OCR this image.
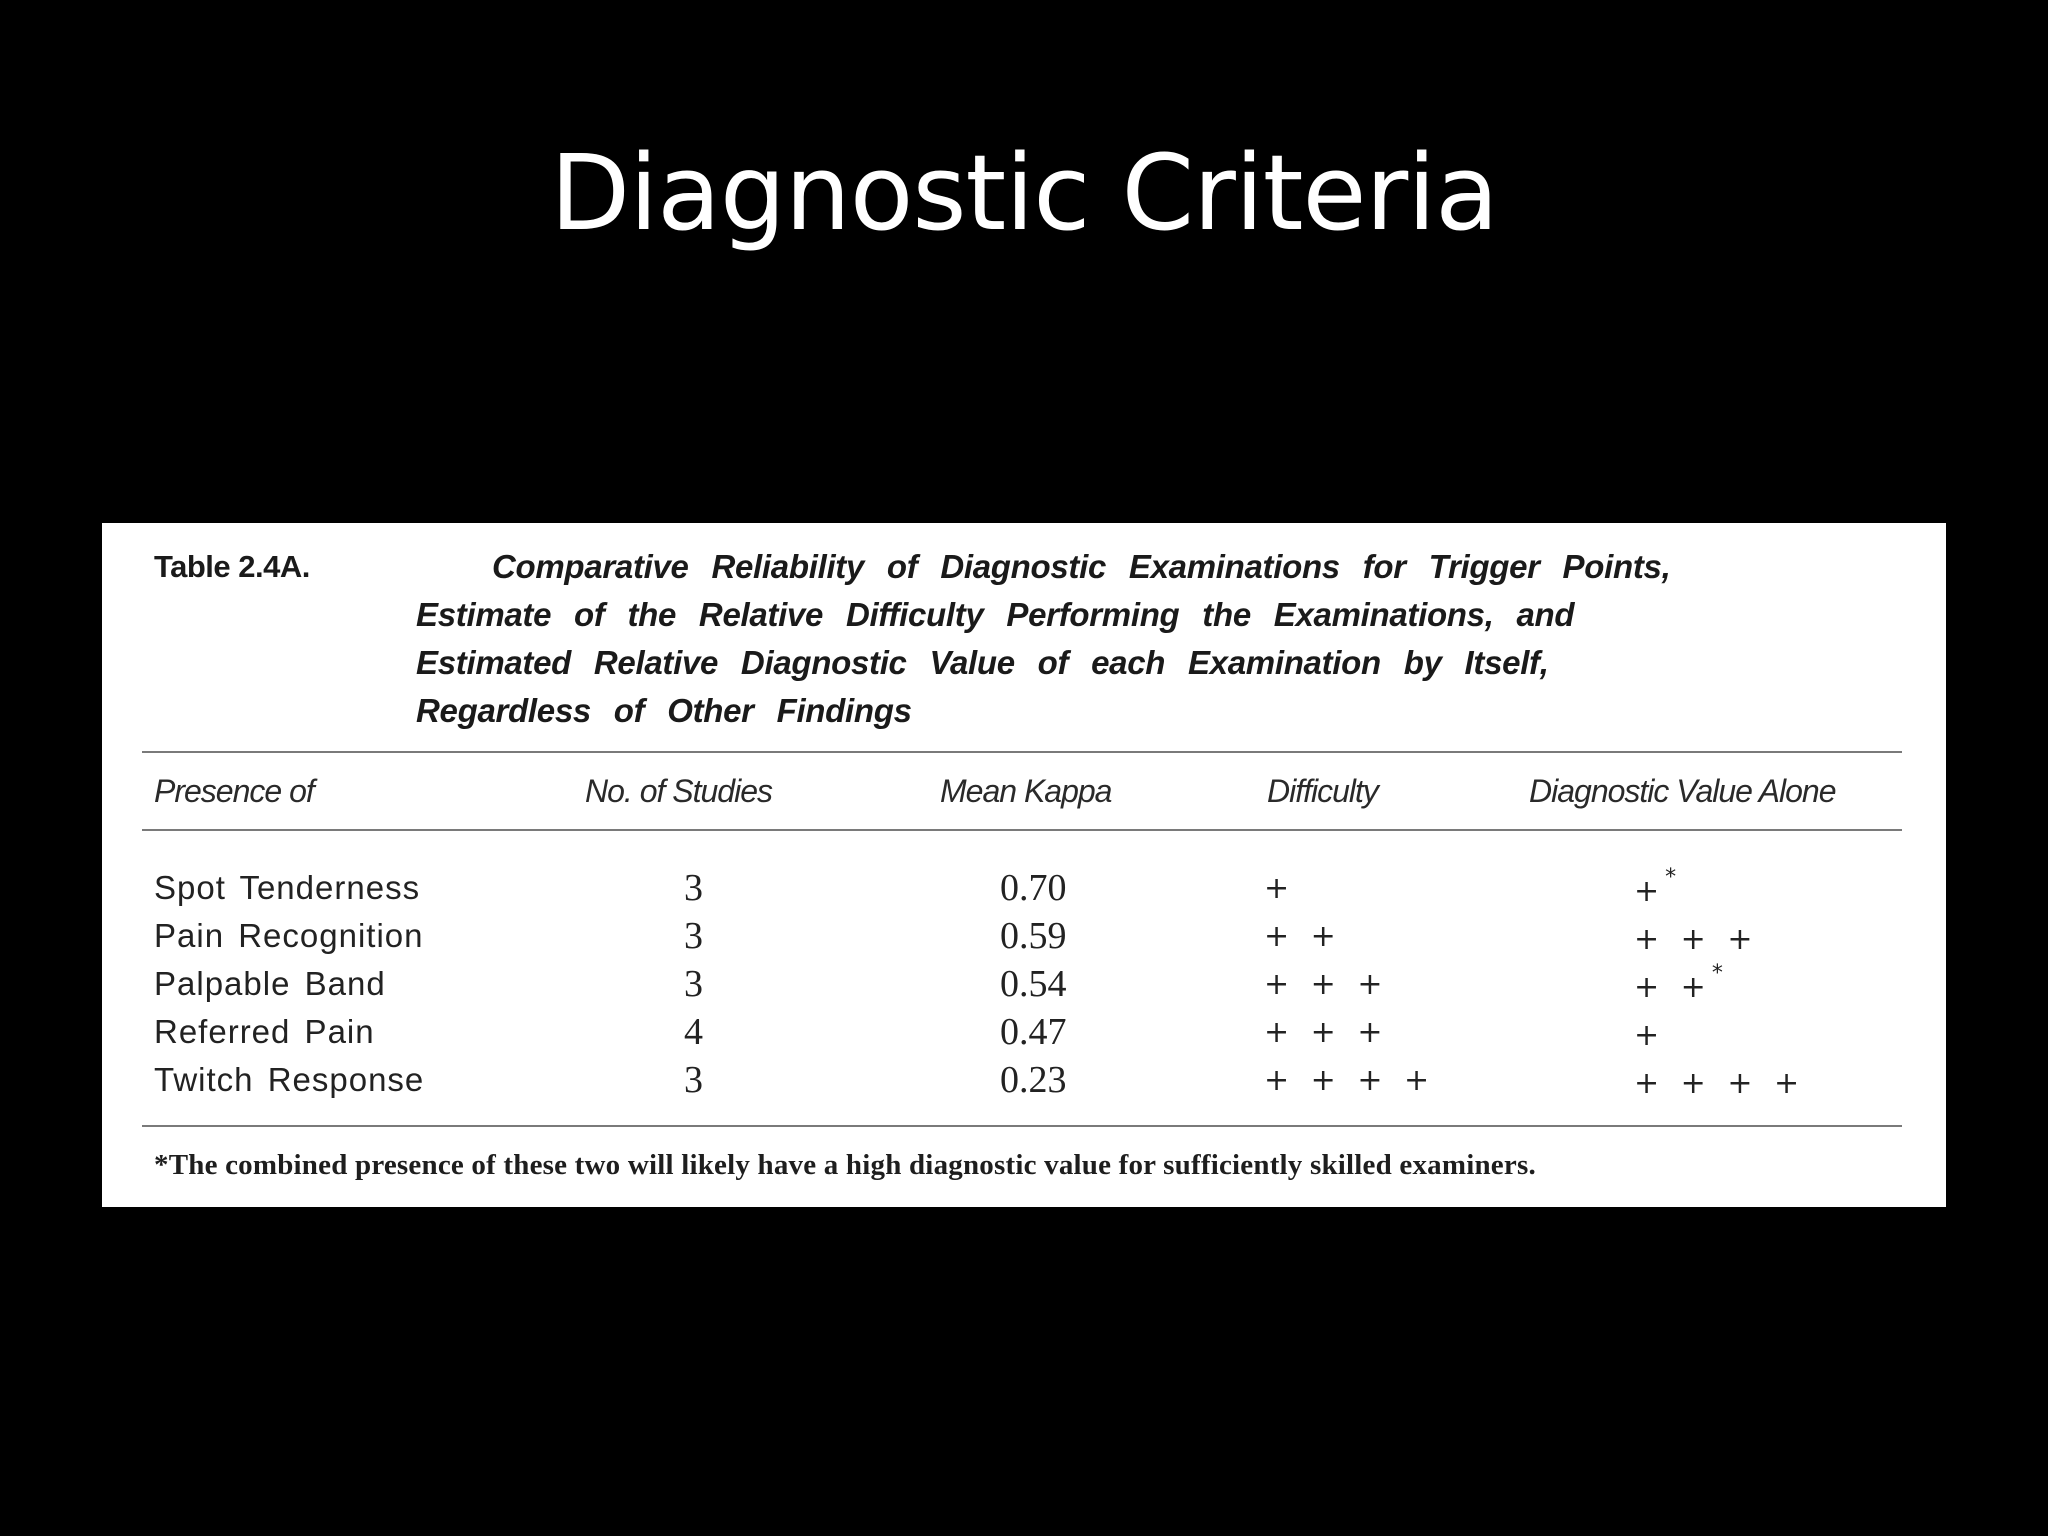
Diagnostic Criteria
Table 2.4A.	Comparative Reliability of Diagnostic Examinations for Trigger Points,
Estimate of the Relative Difficulty Performing the Examinations, and
Estimated Relative Diagnostic Value of each Examination by Itself,
Regardless of Other Findings
Presence of	No. of Studies	Mean Kappa	Difficulty	Diagnostic Value Alone
Spot Tenderness	3	0.70	+	+*
Pain Recognition	3	0.59	+ +	+ + +
Palpable Band	3	0.54	+ + +	+ +*
Referred Pain	4	0.47	+ + +	+
Twitch Response	3	0.23	+ + + +	+ + + +
*The combined presence of these two will likely have a high diagnostic value for sufficiently skilled examiners.
